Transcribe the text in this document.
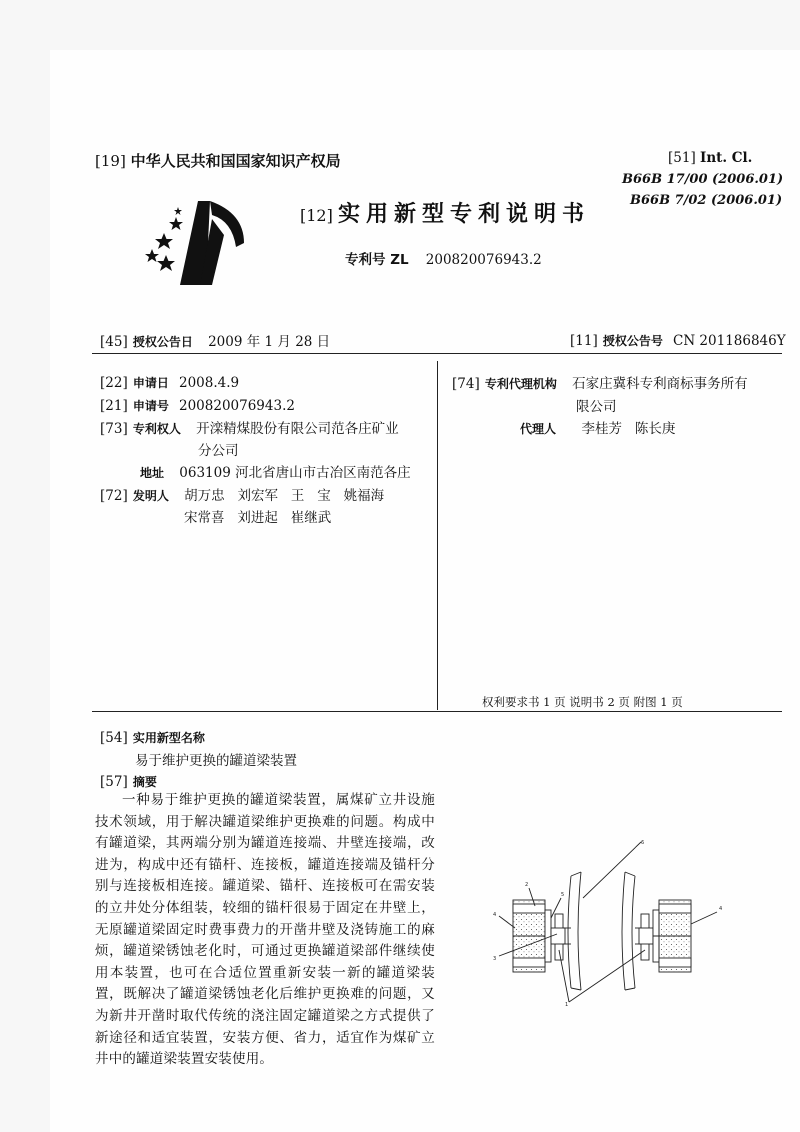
[19] 中华人民共和国国家知识产权局
[12] 实用新型专利说明书
专利号 ZL 200820076943.2
[51] Int. Cl.
B66B 17/00 (2006.01)
B66B 7/02 (2006.01)
[45] 授权公告日 2009 年 1 月 28 日	[11] 授权公告号 CN 201186846Y
[22] 申请日 2008.4.9
[21] 申请号 200820076943.2
[73] 专利权人 开滦精煤股份有限公司范各庄矿业
分公司
地址 063109 河北省唐山市古冶区南范各庄
[72] 发明人 胡万忠   刘宏军   王   宝   姚福海
宋常喜   刘进起   崔继武
[74] 专利代理机构 石家庄冀科专利商标事务所有
限公司
代理人 李桂芳   陈长庚
权利要求书 1 页 说明书 2 页 附图 1 页
[54] 实用新型名称
易于维护更换的罐道梁装置
[57] 摘要
一种易于维护更换的罐道梁装置，属煤矿立井设施技术领域，用于解决罐道梁维护更换难的问题。构成中有罐道梁，其两端分别为罐道连接端、井壁连接端，改进为，构成中还有锚杆、连接板，罐道连接端及锚杆分别与连接板相连接。罐道梁、锚杆、连接板可在需安装的立井处分体组装，较细的锚杆很易于固定在井壁上，无原罐道梁固定时费事费力的开凿井壁及浇铸施工的麻烦，罐道梁锈蚀老化时，可通过更换罐道梁部件继续使用本装置，也可在合适位置重新安装一新的罐道梁装置，既解决了罐道梁锈蚀老化后维护更换难的问题，又为新井开凿时取代传统的浇注固定罐道梁之方式提供了新途径和适宜装置，安装方便、省力，适宜作为煤矿立井中的罐道梁装置安装使用。
2
4
5
3
1
6
4
